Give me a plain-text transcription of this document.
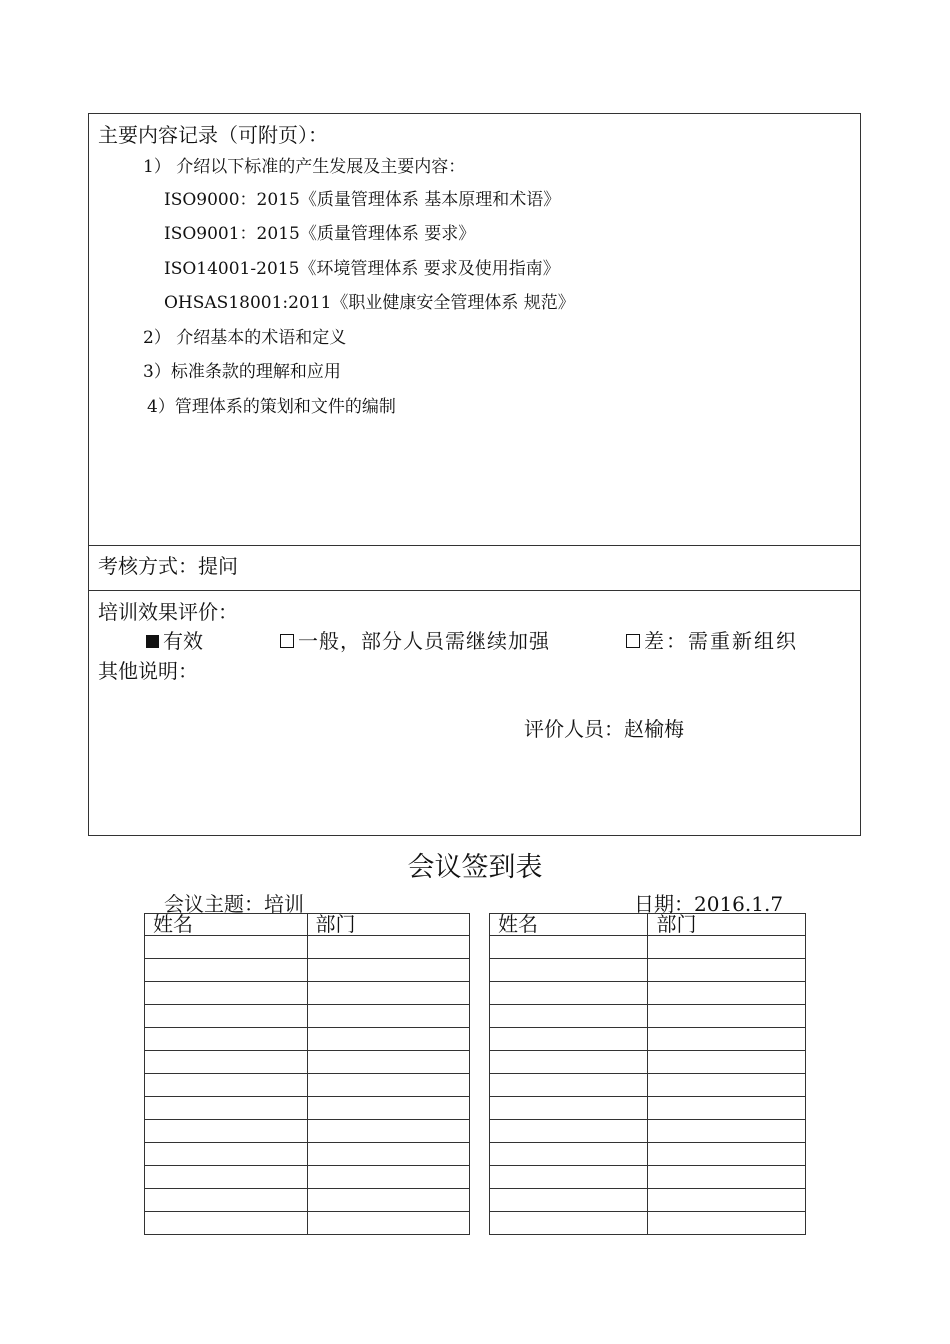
主要内容记录（可附页）：
1） 介绍以下标准的产生发展及主要内容：
ISO9000：2015《质量管理体系 基本原理和术语》
ISO9001：2015《质量管理体系 要求》
ISO14001-2015《环境管理体系 要求及使用指南》
OHSAS18001:2011《职业健康安全管理体系 规范》
2） 介绍基本的术语和定义
3）标准条款的理解和应用
4）管理体系的策划和文件的编制
考核方式：提问
培训效果评价：
有效	一般，部分人员需继续加强	差：需重新组织
其他说明：
评价人员：赵榆梅
会议签到表
会议主题：培训	日期：2016.1.7
姓名	部门

		姓名	部门
